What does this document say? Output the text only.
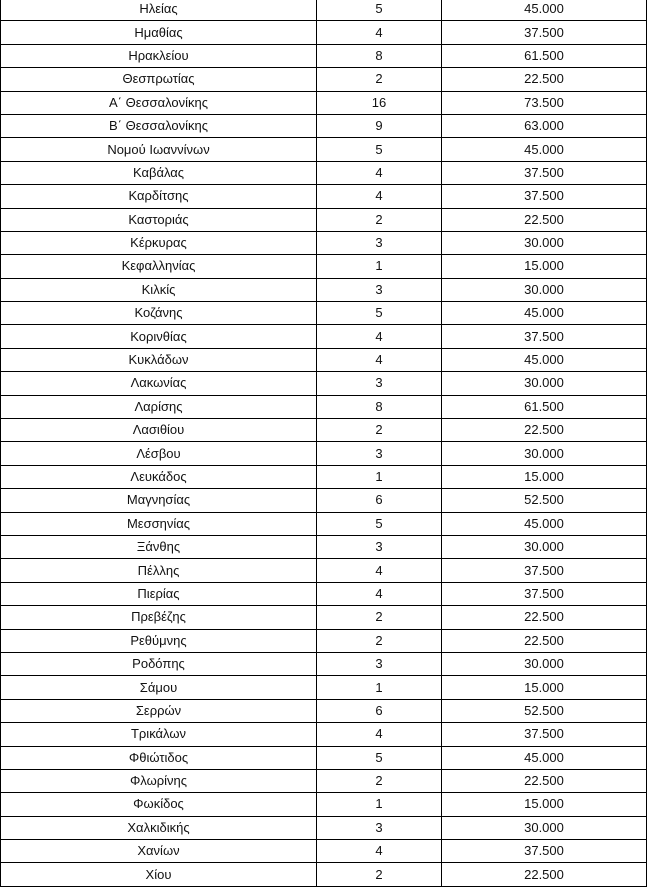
Ηλείας	5	45.000
Ημαθίας	4	37.500
Ηρακλείου	8	61.500
Θεσπρωτίας	2	22.500
Α΄ Θεσσαλονίκης	16	73.500
Β΄ Θεσσαλονίκης	9	63.000
Νομού Ιωαννίνων	5	45.000
Καβάλας	4	37.500
Καρδίτσης	4	37.500
Καστοριάς	2	22.500
Κέρκυρας	3	30.000
Κεφαλληνίας	1	15.000
Κιλκίς	3	30.000
Κοζάνης	5	45.000
Κορινθίας	4	37.500
Κυκλάδων	4	45.000
Λακωνίας	3	30.000
Λαρίσης	8	61.500
Λασιθίου	2	22.500
Λέσβου	3	30.000
Λευκάδος	1	15.000
Μαγνησίας	6	52.500
Μεσσηνίας	5	45.000
Ξάνθης	3	30.000
Πέλλης	4	37.500
Πιερίας	4	37.500
Πρεβέζης	2	22.500
Ρεθύμνης	2	22.500
Ροδόπης	3	30.000
Σάμου	1	15.000
Σερρών	6	52.500
Τρικάλων	4	37.500
Φθιώτιδος	5	45.000
Φλωρίνης	2	22.500
Φωκίδος	1	15.000
Χαλκιδικής	3	30.000
Χανίων	4	37.500
Χίου	2	22.500
